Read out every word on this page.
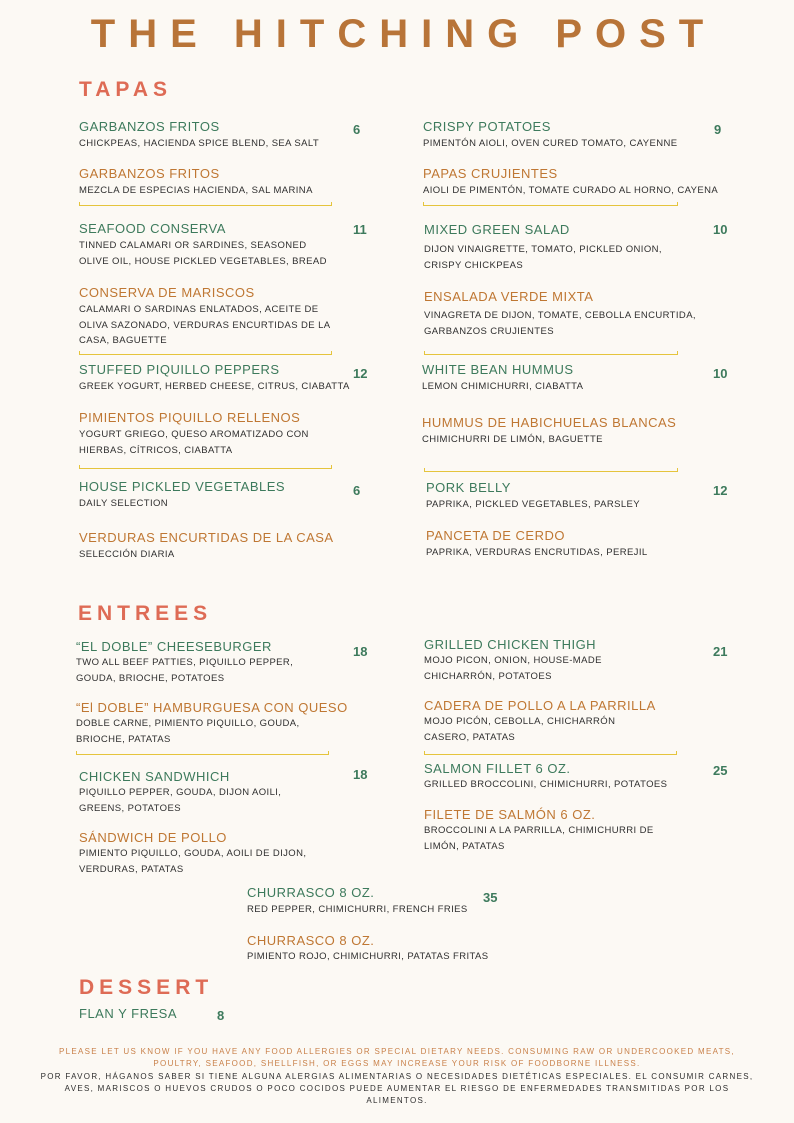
THE HITCHING POST
TAPAS
GARBANZOS FRITOS	6
CHICKPEAS, HACIENDA SPICE BLEND, SEA SALT
GARBANZOS FRITOS
MEZCLA DE ESPECIAS HACIENDA, SAL MARINA
CRISPY POTATOES	9
PIMENTÓN AIOLI, OVEN CURED TOMATO, CAYENNE
PAPAS CRUJIENTES
AIOLI DE PIMENTÓN, TOMATE CURADO AL HORNO, CAYENA
SEAFOOD CONSERVA	11
TINNED CALAMARI OR SARDINES, SEASONED OLIVE OIL, HOUSE PICKLED VEGETABLES, BREAD
CONSERVA DE MARISCOS
CALAMARI O SARDINAS ENLATADOS, ACEITE DE OLIVA SAZONADO, VERDURAS ENCURTIDAS DE LA CASA, BAGUETTE
MIXED GREEN SALAD	10
DIJON VINAIGRETTE, TOMATO, PICKLED ONION, CRISPY CHICKPEAS
ENSALADA VERDE MIXTA
VINAGRETA DE DIJON, TOMATE, CEBOLLA ENCURTIDA, GARBANZOS CRUJIENTES
STUFFED PIQUILLO PEPPERS	12
GREEK YOGURT, HERBED CHEESE, CITRUS, CIABATTA
PIMIENTOS PIQUILLO RELLENOS
YOGURT GRIEGO, QUESO AROMATIZADO CON HIERBAS, CÍTRICOS, CIABATTA
WHITE BEAN HUMMUS	10
LEMON CHIMICHURRI, CIABATTA
HUMMUS DE HABICHUELAS BLANCAS
CHIMICHURRI DE LIMÓN, BAGUETTE
HOUSE PICKLED VEGETABLES	6
DAILY SELECTION
VERDURAS ENCURTIDAS DE LA CASA
SELECCIÓN DIARIA
PORK BELLY	12
PAPRIKA, PICKLED VEGETABLES, PARSLEY
PANCETA DE CERDO
PAPRIKA, VERDURAS ENCRUTIDAS, PEREJIL
ENTREES
“EL DOBLE” CHEESEBURGER	18
TWO ALL BEEF PATTIES, PIQUILLO PEPPER, GOUDA, BRIOCHE, POTATOES
“El DOBLE” HAMBURGUESA CON QUESO
DOBLE CARNE, PIMIENTO PIQUILLO, GOUDA, BRIOCHE, PATATAS
GRILLED CHICKEN THIGH	21
MOJO PICON, ONION, HOUSE-MADE CHICHARRÓN, POTATOES
CADERA DE POLLO A LA PARRILLA
MOJO PICÓN, CEBOLLA, CHICHARRÓN CASERO, PATATAS
CHICKEN SANDWHICH	18
PIQUILLO PEPPER, GOUDA, DIJON AOILI, GREENS, POTATOES
SÁNDWICH DE POLLO
PIMIENTO PIQUILLO, GOUDA, AOILI DE DIJON, VERDURAS, PATATAS
SALMON FILLET 6 OZ.	25
GRILLED BROCCOLINI, CHIMICHURRI, POTATOES
FILETE DE SALMÓN 6 OZ.
BROCCOLINI A LA PARRILLA, CHIMICHURRI DE LIMÓN, PATATAS
CHURRASCO 8 OZ.	35
RED PEPPER, CHIMICHURRI, FRENCH FRIES
CHURRASCO 8 OZ.
PIMIENTO ROJO, CHIMICHURRI, PATATAS FRITAS
DESSERT
FLAN Y FRESA	8
PLEASE LET US KNOW IF YOU HAVE ANY FOOD ALLERGIES OR SPECIAL DIETARY NEEDS. CONSUMING RAW OR UNDERCOOKED MEATS,
POULTRY, SEAFOOD, SHELLFISH, OR EGGS MAY INCREASE YOUR RISK OF FOODBORNE ILLNESS.
POR FAVOR, HÁGANOS SABER SI TIENE ALGUNA ALERGIAS ALIMENTARIAS O NECESIDADES DIETÉTICAS ESPECIALES. EL CONSUMIR CARNES,
AVES, MARISCOS O HUEVOS CRUDOS O POCO COCIDOS PUEDE AUMENTAR EL RIESGO DE ENFERMEDADES TRANSMITIDAS POR LOS
ALIMENTOS.
